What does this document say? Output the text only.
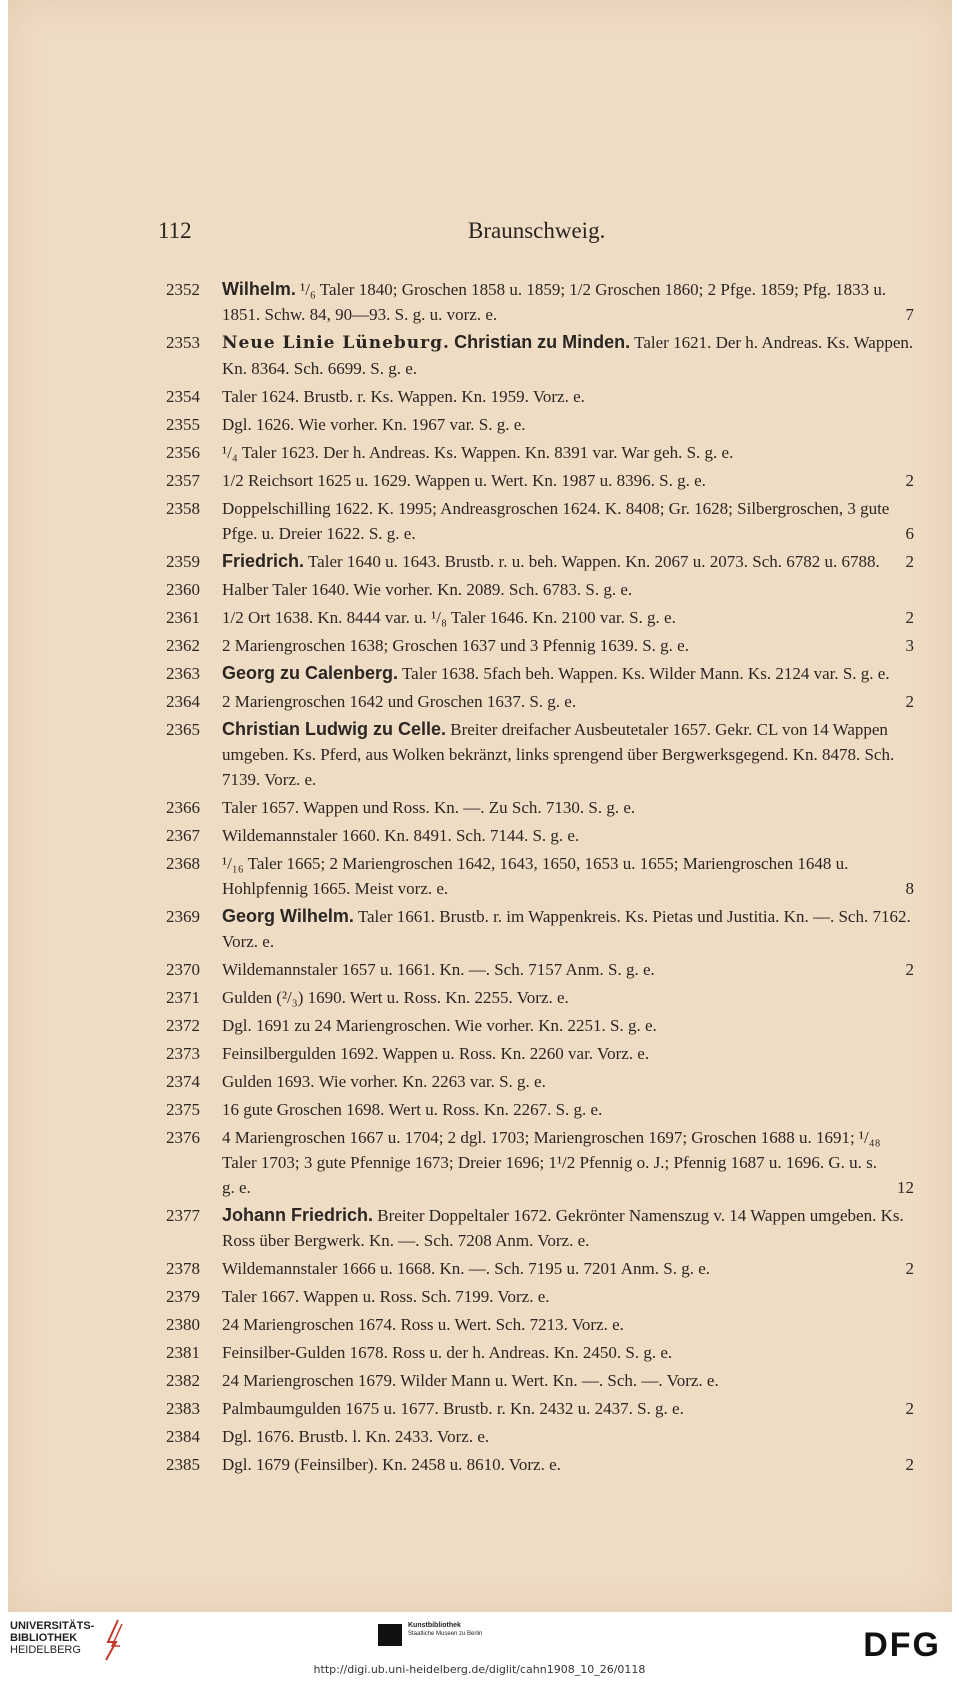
112	Braunschweig.
2352	Wilhelm. ¹/₆ Taler 1840; Groschen 1858 u. 1859; 1/2 Groschen 1860; 2 Pfge. 1859; Pfg. 1833 u. 1851. Schw. 84, 90—93. S. g. u. vorz. e.	7
2353	Neue Linie Lüneburg. Christian zu Minden. Taler 1621. Der h. Andreas. Ks. Wappen. Kn. 8364. Sch. 6699. S. g. e.
2354	Taler 1624. Brustb. r. Ks. Wappen. Kn. 1959. Vorz. e.
2355	Dgl. 1626. Wie vorher. Kn. 1967 var. S. g. e.
2356	¹/₄ Taler 1623. Der h. Andreas. Ks. Wappen. Kn. 8391 var. War geh. S. g. e.
2357	1/2 Reichsort 1625 u. 1629. Wappen u. Wert. Kn. 1987 u. 8396. S. g. e.	2
2358	Doppelschilling 1622. K. 1995; Andreasgroschen 1624. K. 8408; Gr. 1628; Silbergroschen, 3 gute Pfge. u. Dreier 1622. S. g. e.	6
2359	Friedrich. Taler 1640 u. 1643. Brustb. r. u. beh. Wappen. Kn. 2067 u. 2073. Sch. 6782 u. 6788.	2
2360	Halber Taler 1640. Wie vorher. Kn. 2089. Sch. 6783. S. g. e.
2361	1/2 Ort 1638. Kn. 8444 var. u. ¹/₈ Taler 1646. Kn. 2100 var. S. g. e.	2
2362	2 Mariengroschen 1638; Groschen 1637 und 3 Pfennig 1639. S. g. e.	3
2363	Georg zu Calenberg. Taler 1638. 5fach beh. Wappen. Ks. Wilder Mann. Ks. 2124 var. S. g. e.
2364	2 Mariengroschen 1642 und Groschen 1637. S. g. e.	2
2365	Christian Ludwig zu Celle. Breiter dreifacher Ausbeutetaler 1657. Gekr. CL von 14 Wappen umgeben. Ks. Pferd, aus Wolken bekränzt, links sprengend über Bergwerksgegend. Kn. 8478. Sch. 7139. Vorz. e.
2366	Taler 1657. Wappen und Ross. Kn. —. Zu Sch. 7130. S. g. e.
2367	Wildemannstaler 1660. Kn. 8491. Sch. 7144. S. g. e.
2368	¹/₁₆ Taler 1665; 2 Mariengroschen 1642, 1643, 1650, 1653 u. 1655; Mariengroschen 1648 u. Hohlpfennig 1665. Meist vorz. e.	8
2369	Georg Wilhelm. Taler 1661. Brustb. r. im Wappenkreis. Ks. Pietas und Justitia. Kn. —. Sch. 7162. Vorz. e.
2370	Wildemannstaler 1657 u. 1661. Kn. —. Sch. 7157 Anm. S. g. e.	2
2371	Gulden (²/₃) 1690. Wert u. Ross. Kn. 2255. Vorz. e.
2372	Dgl. 1691 zu 24 Mariengroschen. Wie vorher. Kn. 2251. S. g. e.
2373	Feinsilbergulden 1692. Wappen u. Ross. Kn. 2260 var. Vorz. e.
2374	Gulden 1693. Wie vorher. Kn. 2263 var. S. g. e.
2375	16 gute Groschen 1698. Wert u. Ross. Kn. 2267. S. g. e.
2376	4 Mariengroschen 1667 u. 1704; 2 dgl. 1703; Mariengroschen 1697; Groschen 1688 u. 1691; ¹/₄₈ Taler 1703; 3 gute Pfennige 1673; Dreier 1696; 1¹/2 Pfennig o. J.; Pfennig 1687 u. 1696. G. u. s. g. e.	12
2377	Johann Friedrich. Breiter Doppeltaler 1672. Gekrönter Namenszug v. 14 Wappen umgeben. Ks. Ross über Bergwerk. Kn. —. Sch. 7208 Anm. Vorz. e.
2378	Wildemannstaler 1666 u. 1668. Kn. —. Sch. 7195 u. 7201 Anm. S. g. e.	2
2379	Taler 1667. Wappen u. Ross. Sch. 7199. Vorz. e.
2380	24 Mariengroschen 1674. Ross u. Wert. Sch. 7213. Vorz. e.
2381	Feinsilber-Gulden 1678. Ross u. der h. Andreas. Kn. 2450. S. g. e.
2382	24 Mariengroschen 1679. Wilder Mann u. Wert. Kn. —. Sch. —. Vorz. e.
2383	Palmbaumgulden 1675 u. 1677. Brustb. r. Kn. 2432 u. 2437. S. g. e.	2
2384	Dgl. 1676. Brustb. l. Kn. 2433. Vorz. e.
2385	Dgl. 1679 (Feinsilber). Kn. 2458 u. 8610. Vorz. e.	2
UNIVERSITÄTS-
BIBLIOTHEK
HEIDELBERG
Kunstbibliothek
Staatliche Museen zu Berlin	DFG
http://digi.ub.uni-heidelberg.de/diglit/cahn1908_10_26/0118
